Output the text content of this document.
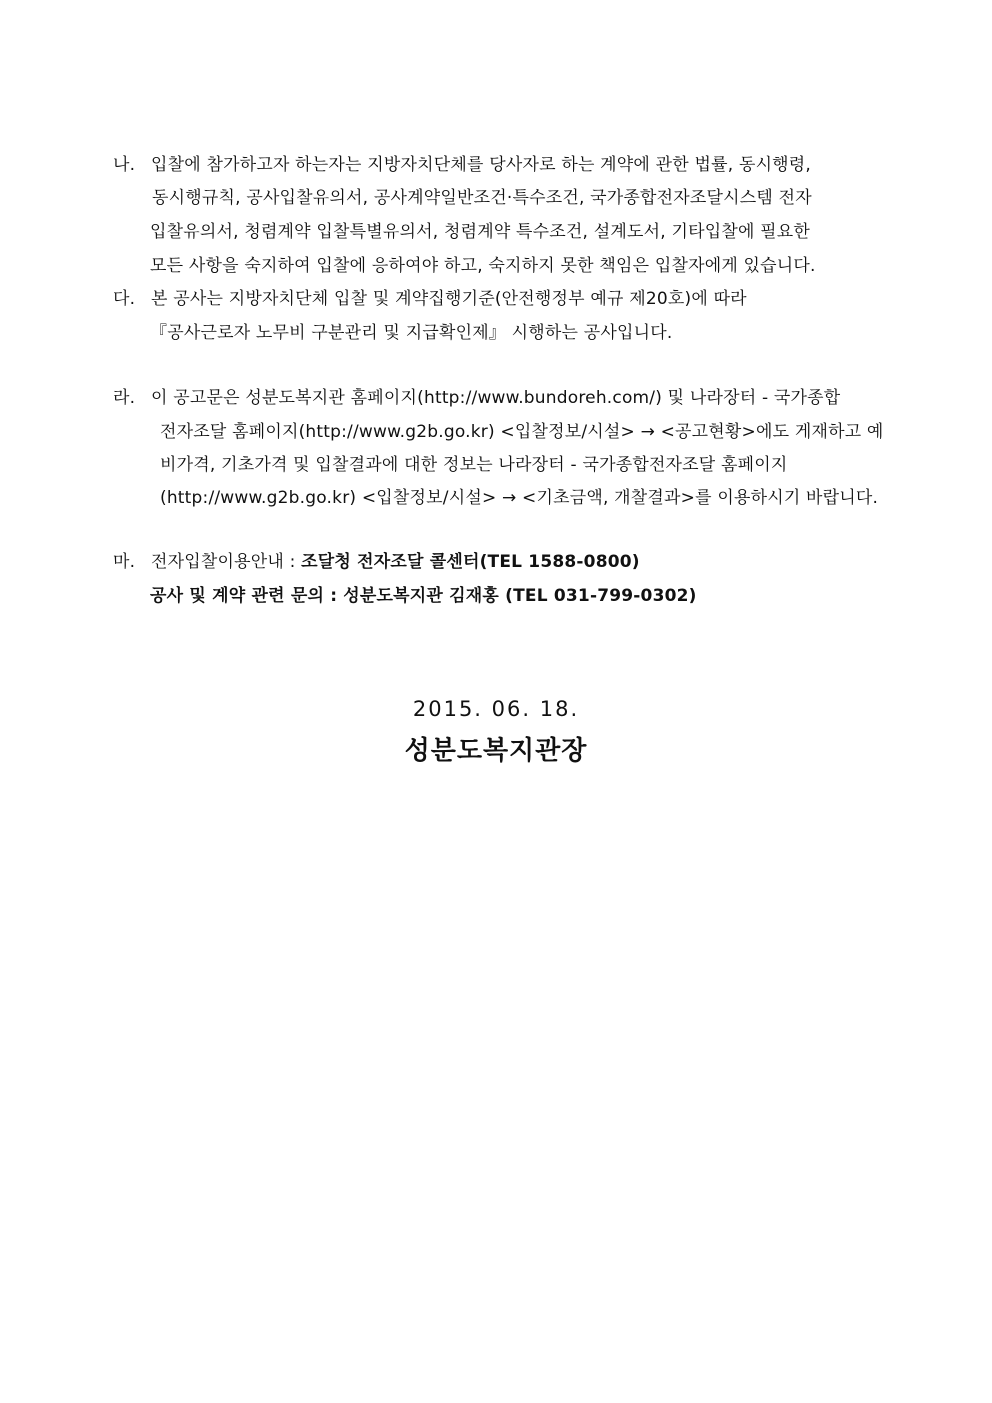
나. 입찰에 참가하고자 하는자는 지방자치단체를 당사자로 하는 계약에 관한 법률, 동시행령,
동시행규칙, 공사입찰유의서, 공사계약일반조건·특수조건, 국가종합전자조달시스템 전자
입찰유의서, 청렴계약 입찰특별유의서, 청렴계약 특수조건, 설계도서, 기타입찰에 필요한
모든 사항을 숙지하여 입찰에 응하여야 하고, 숙지하지 못한 책임은 입찰자에게 있습니다.
다. 본 공사는 지방자치단체 입찰 및 계약집행기준(안전행정부 예규 제20호)에 따라
『공사근로자 노무비 구분관리 및 지급확인제』 시행하는 공사입니다.
라. 이 공고문은 성분도복지관 홈페이지(http://www.bundoreh.com/) 및 나라장터 - 국가종합
전자조달 홈페이지(http://www.g2b.go.kr) <입찰정보/시설> → <공고현황>에도 게재하고 예
비가격, 기초가격 및 입찰결과에 대한 정보는 나라장터 - 국가종합전자조달 홈페이지
(http://www.g2b.go.kr) <입찰정보/시설> → <기초금액, 개찰결과>를 이용하시기 바랍니다.
마. 전자입찰이용안내 : 조달청 전자조달 콜센터(TEL 1588-0800)
공사 및 계약 관련 문의 : 성분도복지관 김재홍 (TEL 031-799-0302)
2015. 06. 18.
성분도복지관장
